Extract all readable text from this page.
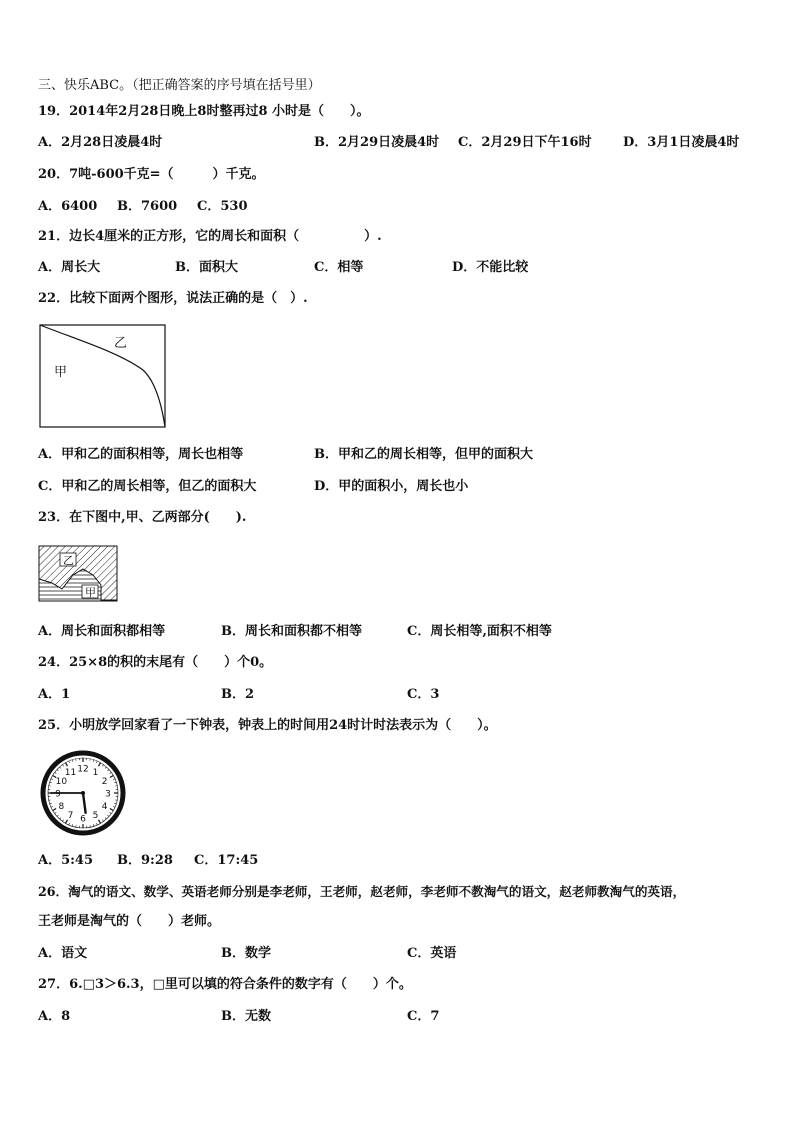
三、快乐ABC。（把正确答案的序号填在括号里）
19．2014年2月28日晚上8时整再过8 小时是（　　）。
A．2月28日凌晨4时	B．2月29日凌晨4时 C．2月29日下午16时 D．3月1日凌晨4时
20．7吨-600千克=（　　　）千克。
A．6400 B．7600 C．530
21．边长4厘米的正方形，它的周长和面积（　　　　　）.
A．周长大	B．面积大	C．相等	D．不能比较
22．比较下面两个图形，说法正确的是（　）.
乙
甲
A．甲和乙的面积相等，周长也相等	B．甲和乙的周长相等，但甲的面积大
C．甲和乙的周长相等，但乙的面积大	D．甲的面积小，周长也小
23．在下图中,甲、乙两部分(　　).
乙
甲
A．周长和面积都相等	B．周长和面积都不相等	C．周长相等,面积不相等
24．25×8的积的末尾有（　　）个0。
A．1	B．2	C．3
25．小明放学回家看了一下钟表，钟表上的时间用24时计时法表示为（　　）。
12 1
2
3
4
5
6
7
8
9
10
11
A．5:45 B．9:28 C．17:45
26．淘气的语文、数学、英语老师分别是李老师，王老师，赵老师，李老师不教淘气的语文，赵老师教淘气的英语，
王老师是淘气的（　　）老师。
A．语文	B．数学	C．英语
27．6.□3＞6.3，□里可以填的符合条件的数字有（　　）个。
A．8	B．无数	C．7
